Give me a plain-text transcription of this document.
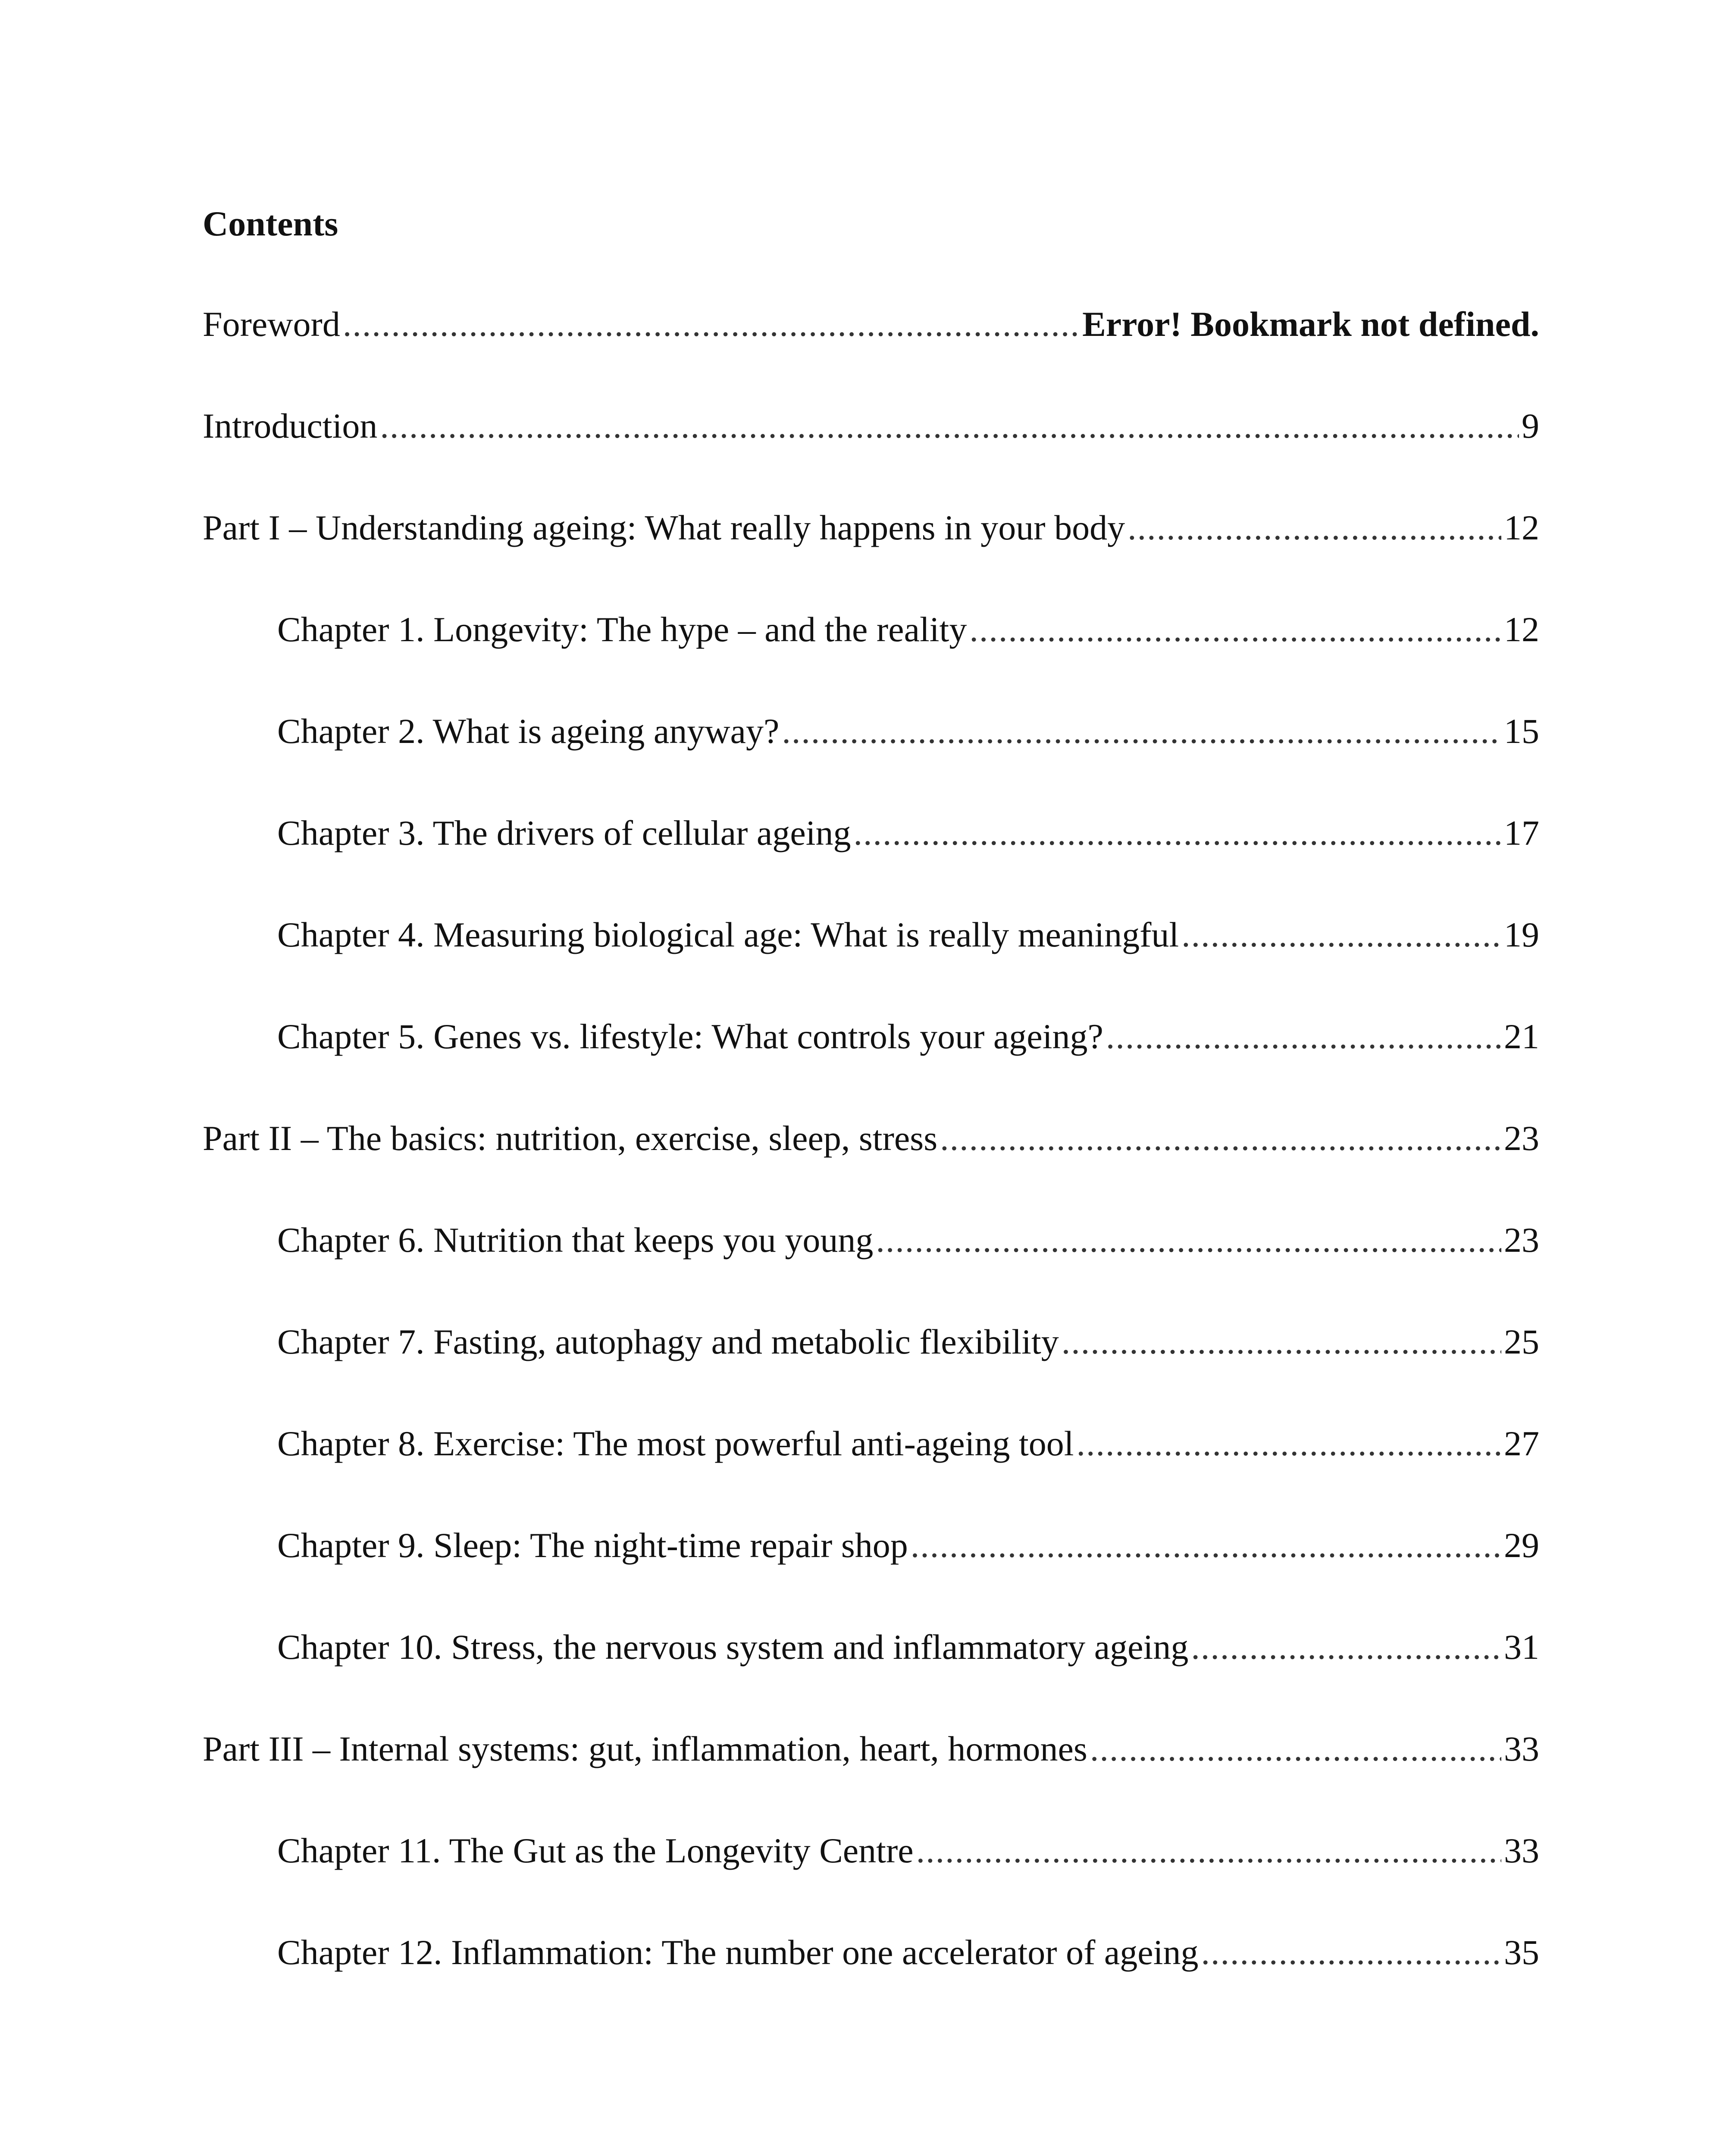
Contents
Foreword .....	Error! Bookmark not defined.
Introduction .....	9
Part I – Understanding ageing: What really happens in your body .....	12
Chapter 1. Longevity: The hype – and the reality .....	12
Chapter 2. What is ageing anyway? .....	15
Chapter 3. The drivers of cellular ageing .....	17
Chapter 4. Measuring biological age: What is really meaningful .....	19
Chapter 5. Genes vs. lifestyle: What controls your ageing? .....	21
Part II – The basics: nutrition, exercise, sleep, stress .....	23
Chapter 6. Nutrition that keeps you young .....	23
Chapter 7. Fasting, autophagy and metabolic flexibility .....	25
Chapter 8. Exercise: The most powerful anti-ageing tool .....	27
Chapter 9. Sleep: The night-time repair shop .....	29
Chapter 10. Stress, the nervous system and inflammatory ageing .....	31
Part III – Internal systems: gut, inflammation, heart, hormones .....	33
Chapter 11. The Gut as the Longevity Centre .....	33
Chapter 12. Inflammation: The number one accelerator of ageing .....	35
